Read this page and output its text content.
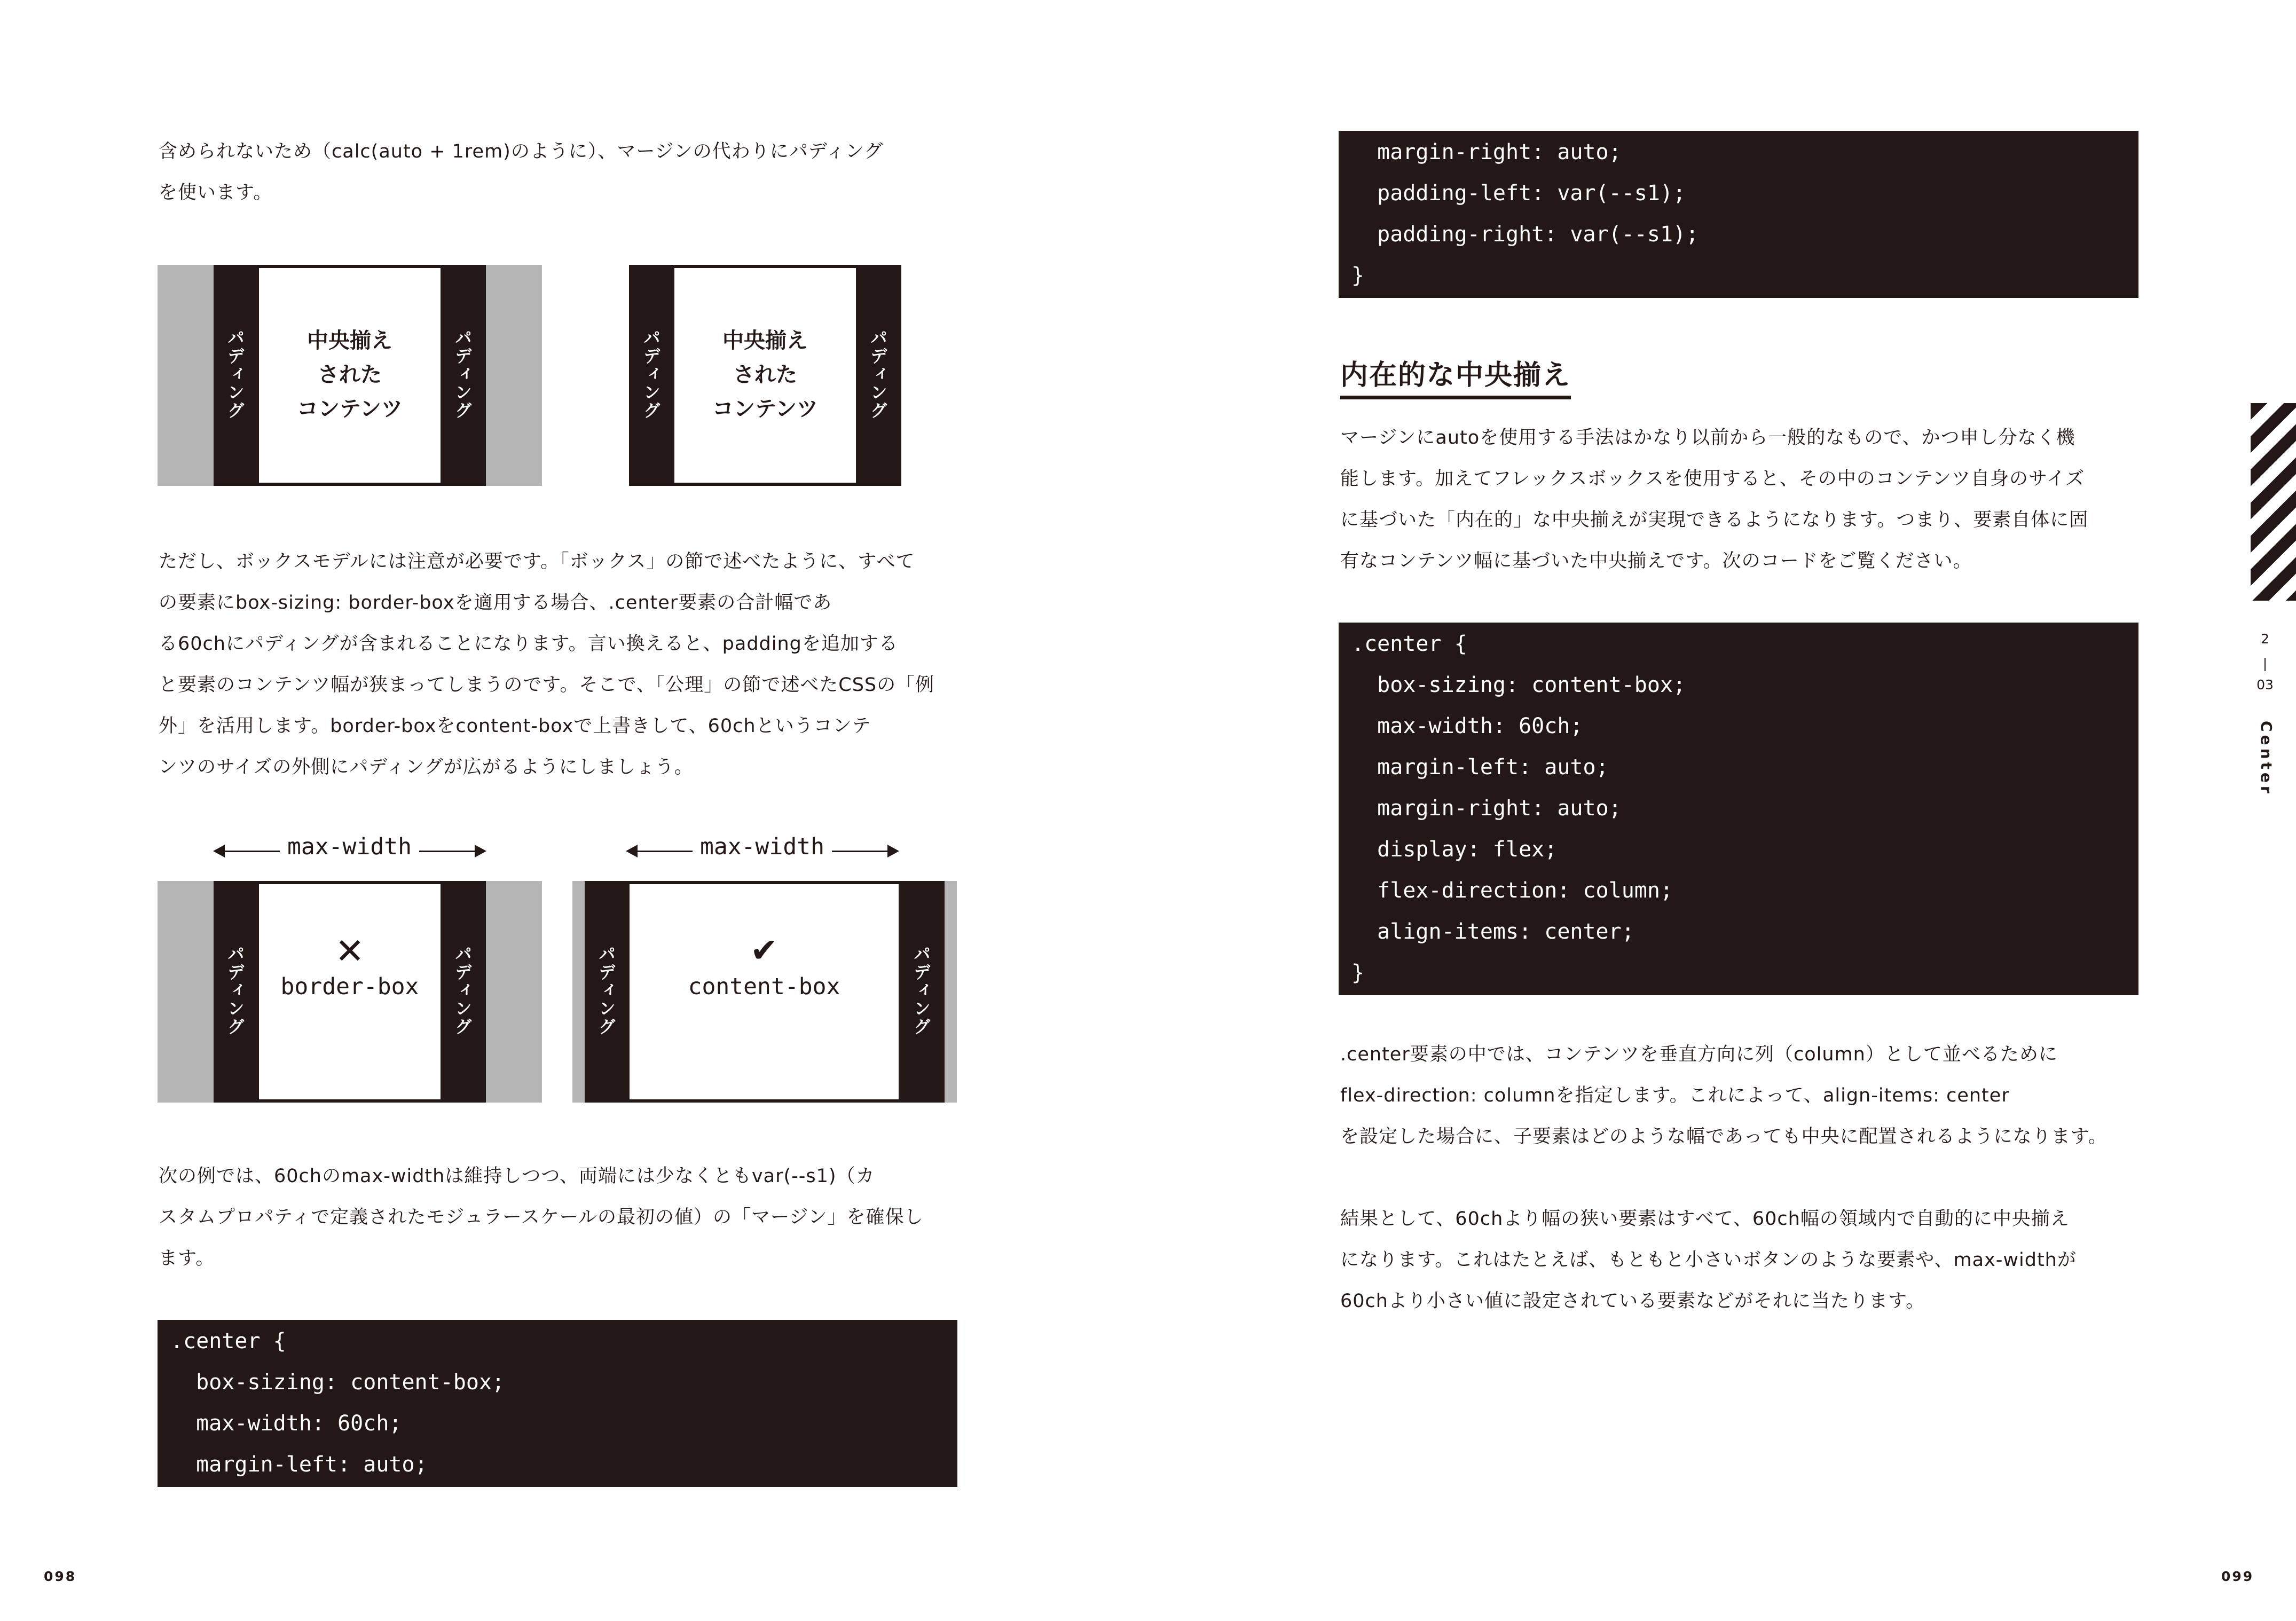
含められないため（calc(auto + 1rem)のように）、マージンの代わりにパディング

を使います。

パディング	パディング
中央揃え
された
コンテンツ	パディング	パディング
中央揃え
された
コンテンツ

ただし、ボックスモデルには注意が必要です。「ボックス」の節で述べたように、すべて

の要素にbox-sizing: border-boxを適用する場合、.center要素の合計幅であ

る60chにパディングが含まれることになります。言い換えると、paddingを追加する

と要素のコンテンツ幅が狭まってしまうのです。そこで、「公理」の節で述べたCSSの「例

外」を活用します。border-boxをcontent-boxで上書きして、60chというコンテ

ンツのサイズの外側にパディングが広がるようにしましょう。

max-width
パディング	パディング
✕
border-box
max-width
パディング	パディング
✔
content-box

次の例では、60chのmax-widthは維持しつつ、両端には少なくともvar(--s1)（カ

スタムプロパティで定義されたモジュラースケールの最初の値）の「マージン」を確保し

ます。

.center {
box-sizing: content-box;
max-width: 60ch;
margin-left: auto;
098
margin-right: auto;
padding-left: var(--s1);
padding-right: var(--s1);
}
内在的な中央揃え

マージンにautoを使用する手法はかなり以前から一般的なもので、かつ申し分なく機

能します。加えてフレックスボックスを使用すると、その中のコンテンツ自身のサイズ

に基づいた「内在的」な中央揃えが実現できるようになります。つまり、要素自体に固

有なコンテンツ幅に基づいた中央揃えです。次のコードをご覧ください。

.center {
box-sizing: content-box;
max-width: 60ch;
margin-left: auto;
margin-right: auto;
display: flex;
flex-direction: column;
align-items: center;
}

.center要素の中では、コンテンツを垂直方向に列（column）として並べるために

flex-direction: columnを指定します。これによって、align-items: center

を設定した場合に、子要素はどのような幅であっても中央に配置されるようになります。

結果として、60chより幅の狭い要素はすべて、60ch幅の領域内で自動的に中央揃え

になります。これはたとえば、もともと小さいボタンのような要素や、max-widthが

60chより小さい値に設定されている要素などがそれに当たります。

2
03
Center
099
